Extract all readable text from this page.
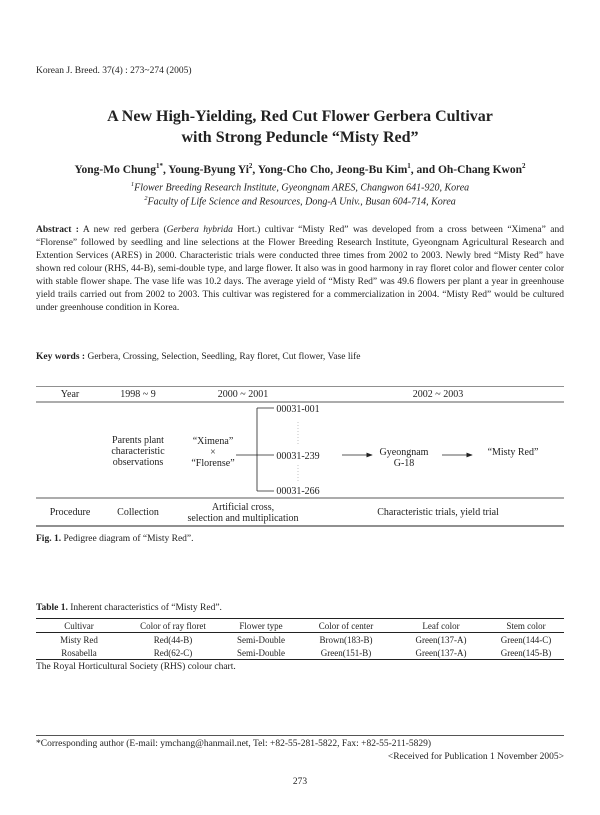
Korean J. Breed. 37(4) : 273~274 (2005)
A New High-Yielding, Red Cut Flower Gerbera Cultivar
with Strong Peduncle “Misty Red”
Yong-Mo Chung$^{1*}$, Young-Byung Yi$^2$, Yong-Cho Cho, Jeong-Bu Kim$^1$, and Oh-Chang Kwon$^2$
$^1$Flower Breeding Research Institute, Gyeongnam ARES, Changwon 641-920, Korea
$^2$Faculty of Life Science and Resources, Dong-A Univ., Busan 604-714, Korea
Abstract : A new red gerbera (Gerbera hybrida Hort.) cultivar “Misty Red” was developed from a cross between “Ximena” and “Florense” followed by seedling and line selections at the Flower Breeding Research Institute, Gyeongnam Agricultural Research and Extention Services (ARES) in 2000. Characteristic trials were conducted three times from 2002 to 2003. Newly bred “Misty Red” have shown red colour (RHS, 44-B), semi-double type, and large flower. It also was in good harmony in ray floret color and flower center color with stable flower shape. The vase life was 10.2 days. The average yield of “Misty Red” was 49.6 flowers per plant a year in greenhouse yield trails carried out from 2002 to 2003. This cultivar was registered for a commercialization in 2004. “Misty Red” would be cultured under greenhouse condition in Korea.
Key words : Gerbera, Crossing, Selection, Seedling, Ray floret, Cut flower, Vase life
Year	1998 ~ 9	2000 ~ 2001	2002 ~ 2003
Parents plant
characteristic
observations
“Ximena”
×
“Florense”
00031-001
00031-239
00031-266
Gyeongnam
G-18
“Misty Red”
Procedure	Collection	Artificial cross,
selection and multiplication
Characteristic trials, yield trial
Fig. 1. Pedigree diagram of “Misty Red”.
Table 1. Inherent characteristics of “Misty Red”.
Cultivar	Color of ray floret	Flower type	Color of center	Leaf color	Stem color
Misty Red	Red(44-B)	Semi-Double	Brown(183-B)	Green(137-A)	Green(144-C)
Rosabella	Red(62-C)	Semi-Double	Green(151-B)	Green(137-A)	Green(145-B)
The Royal Horticultural Society (RHS) colour chart.
*Corresponding author (E-mail: ymchang@hanmail.net, Tel: +82-55-281-5822, Fax: +82-55-211-5829)
<Received for Publication 1 November 2005>
273
